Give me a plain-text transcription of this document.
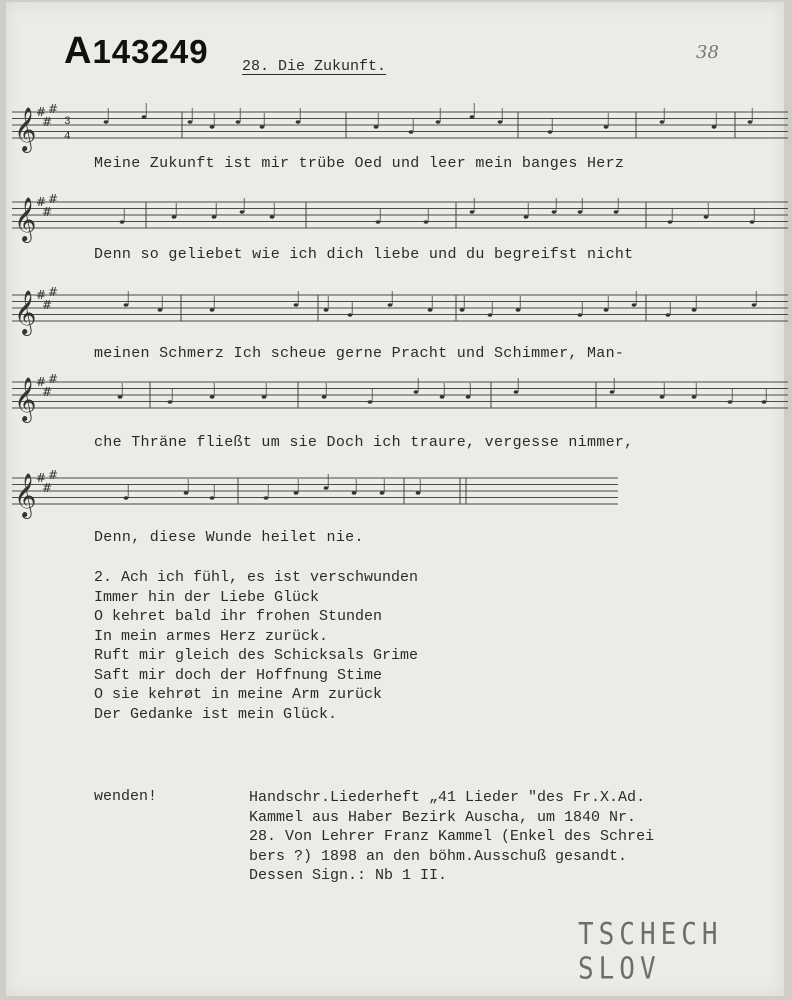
A143249 28. Die Zukunft.
38
𝄞 #
#
#
3
4
Meine Zukunft ist mir trübe Oed und leer mein banges Herz
𝄞 #
#
#
Denn so geliebet wie ich dich liebe und du begreifst nicht
𝄞 #
#
#
meinen Schmerz Ich scheue gerne Pracht und Schimmer, Man-
𝄞 #
#
#
che Thräne fließt um sie Doch ich traure, vergesse nimmer,
𝄞 #
#
#
Denn, diese Wunde heilet nie.
2. Ach ich fühl, es ist verschwunden
Immer hin der Liebe Glück
O kehret bald ihr frohen Stunden
In mein armes Herz zurück.
Ruft mir gleich des Schicksals Grime
Saft mir doch der Hoffnung Stime
O sie kehrøt in meine Arm zurück
Der Gedanke ist mein Glück.
wenden!	Handschr.Liederheft „41 Lieder "des Fr.X.Ad.
Kammel aus Haber Bezirk Auscha, um 1840 Nr.
28. Von Lehrer Franz Kammel (Enkel des Schrei
bers ?) 1898 an den böhm.Ausschuß gesandt.
Dessen Sign.: Nb 1 II.
TSCHECH SLOV
